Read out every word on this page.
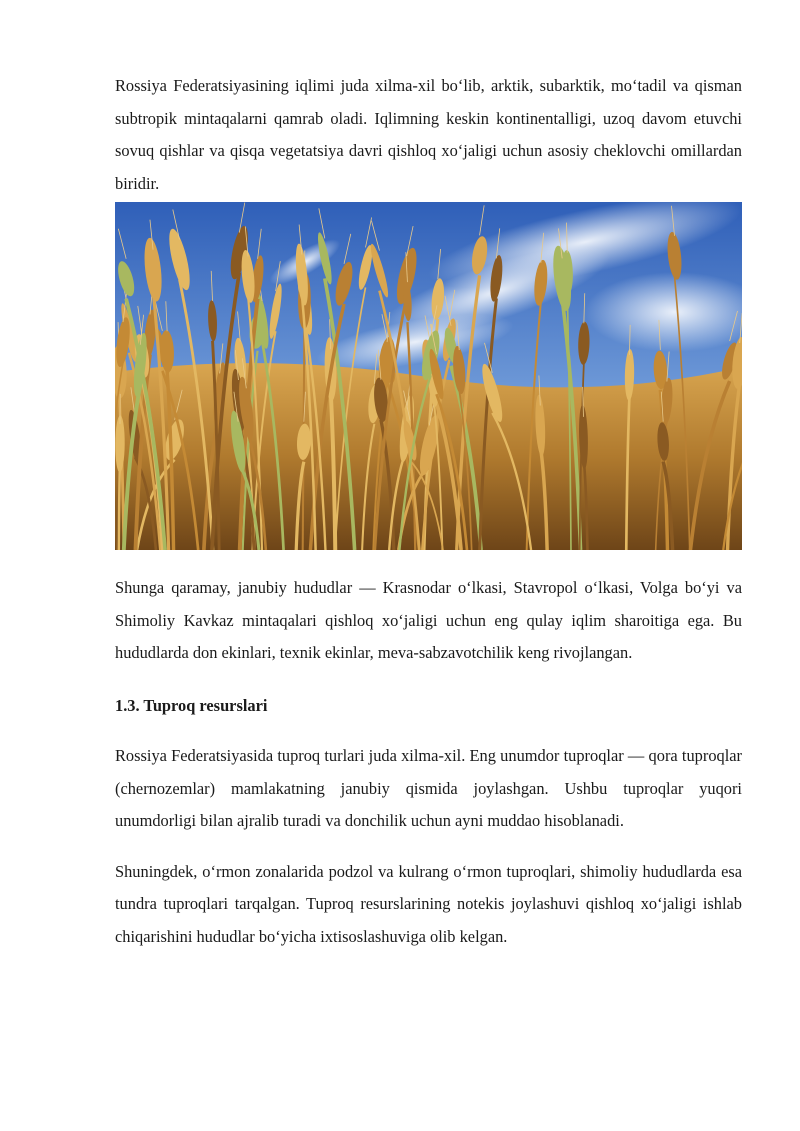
Rossiya Federatsiyasining iqlimi juda xilma-xil bo‘lib, arktik, subarktik, mo‘tadil va qisman subtropik mintaqalarni qamrab oladi. Iqlimning keskin kontinentalligi, uzoq davom etuvchi sovuq qishlar va qisqa vegetatsiya davri qishloq xo‘jaligi uchun asosiy cheklovchi omillardan biridir.

Shunga qaramay, janubiy hududlar — Krasnodar o‘lkasi, Stavropol o‘lkasi, Volga bo‘yi va Shimoliy Kavkaz mintaqalari qishloq xo‘jaligi uchun eng qulay iqlim sharoitiga ega. Bu hududlarda don ekinlari, texnik ekinlar, meva-sabzavotchilik keng rivojlangan.

1.3. Tuproq resurslari

Rossiya Federatsiyasida tuproq turlari juda xilma-xil. Eng unumdor tuproqlar — qora tuproqlar (chernozemlar) mamlakatning janubiy qismida joylashgan. Ushbu tuproqlar yuqori unumdorligi bilan ajralib turadi va donchilik uchun ayni muddao hisoblanadi.

Shuningdek, o‘rmon zonalarida podzol va kulrang o‘rmon tuproqlari, shimoliy hududlarda esa tundra tuproqlari tarqalgan. Tuproq resurslarining notekis joylashuvi qishloq xo‘jaligi ishlab chiqarishini hududlar bo‘yicha ixtisoslashuviga olib kelgan.
